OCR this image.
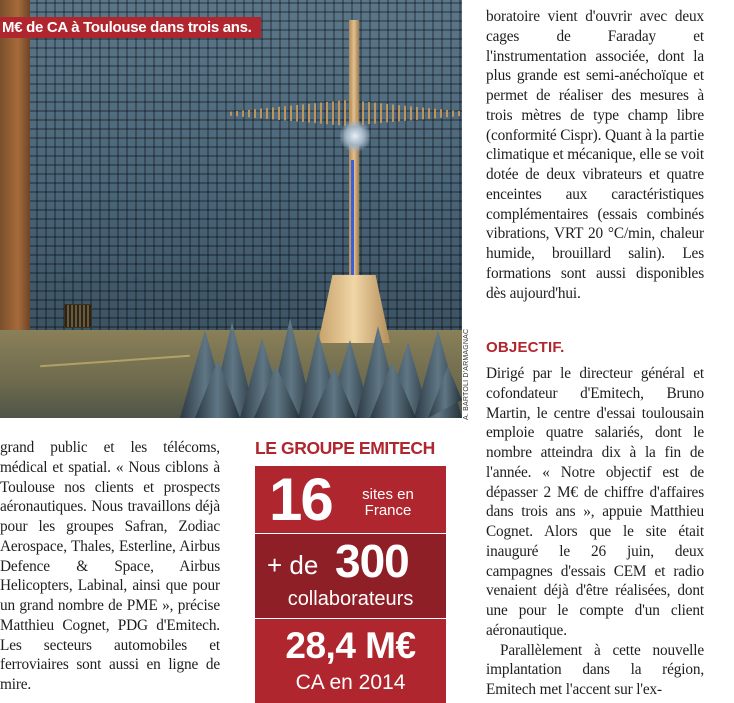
M€ de CA à Toulouse dans trois ans.
A. BARTOLI D'ARMAGNAC

grand public et les télécoms, médical et spatial. « Nous ciblons à Toulouse nos clients et prospects aéronautiques. Nous travaillons déjà pour les groupes Safran, Zodiac Aerospace, Thales, Esterline, Airbus Defence & Space, Airbus Helicopters, Labinal, ainsi que pour un grand nombre de PME », précise Matthieu Cognet, PDG d'Emitech. Les secteurs automobiles et ferroviaires sont aussi en ligne de mire.

LE GROUPE EMITECH
16	sites en France
+ de 300
collaborateurs
28,4 M€
CA en 2014

boratoire vient d'ouvrir avec deux cages de Faraday et l'instrumentation associée, dont la plus grande est semi-anéchoïque et permet de réaliser des mesures à trois mètres de type champ libre (conformité Cispr). Quant à la partie climatique et mécanique, elle se voit dotée de deux vibrateurs et quatre enceintes aux caractéristiques complémentaires (essais combinés vibrations, VRT 20 °C/min, chaleur humide, brouillard salin). Les formations sont aussi disponibles dès aujourd'hui.

OBJECTIF.

Dirigé par le directeur général et cofondateur d'Emitech, Bruno Martin, le centre d'essai toulousain emploie quatre salariés, dont le nombre atteindra dix à la fin de l'année. « Notre objectif est de dépasser 2 M€ de chiffre d'affaires dans trois ans », appuie Matthieu Cognet. Alors que le site était inauguré le 26 juin, deux campagnes d'essais CEM et radio venaient déjà d'être réalisées, dont une pour le compte d'un client aéronautique.

Parallèlement à cette nouvelle implantation dans la région, Emitech met l'accent sur l'ex-
